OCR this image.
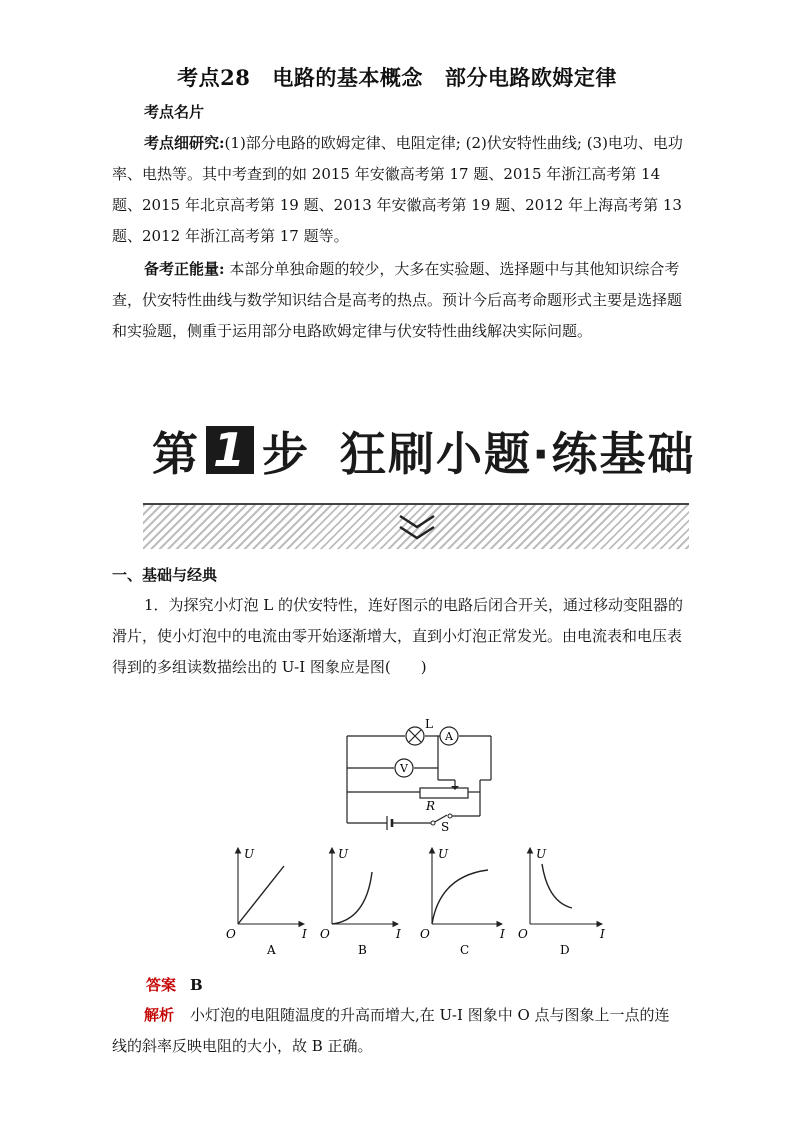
考点28 电路的基本概念 部分电路欧姆定律
考点名片
考点细研究:(1)部分电路的欧姆定律、电阻定律; (2)伏安特性曲线; (3)电功、电功率、电热等。其中考查到的如 2015 年安徽高考第 17 题、2015 年浙江高考第 14 题、2015 年北京高考第 19 题、2013 年安徽高考第 19 题、2012 年上海高考第 13 题、2012 年浙江高考第 17 题等。
备考正能量: 本部分单独命题的较少，大多在实验题、选择题中与其他知识综合考查，伏安特性曲线与数学知识结合是高考的热点。预计今后高考命题形式主要是选择题和实验题，侧重于运用部分电路欧姆定律与伏安特性曲线解决实际问题。
第 1 步 狂刷小题·练基础
一、基础与经典
1．为探究小灯泡 L 的伏安特性，连好图示的电路后闭合开关，通过移动变阻器的滑片，使小灯泡中的电流由零开始逐渐增大，直到小灯泡正常发光。由电流表和电压表得到的多组读数描绘出的 U-I 图象应是图(　　)
L
A
V
R
S
U
I
O
A
U
I
O
B
U
I
O
C
U
I
O
D
答案 B
解析 小灯泡的电阻随温度的升高而增大,在 U-I 图象中 O 点与图象上一点的连线的斜率反映电阻的大小，故 B 正确。
